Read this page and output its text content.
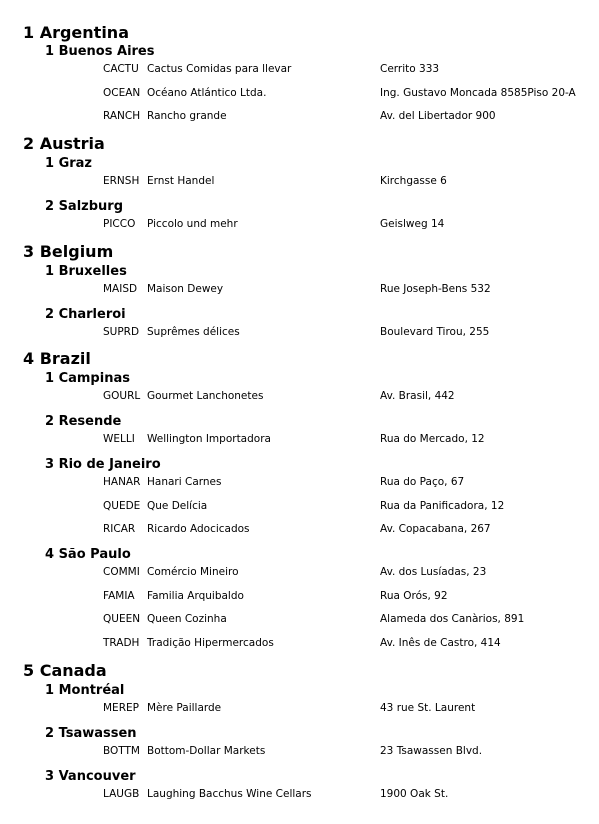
1 Argentina
1 Buenos Aires
CACTU Cactus Comidas para llevar	Cerrito 333
OCEAN Océano Atlántico Ltda.	Ing. Gustavo Moncada 8585Piso 20-A
RANCH Rancho grande	Av. del Libertador 900
2 Austria
1 Graz
ERNSH Ernst Handel	Kirchgasse 6
2 Salzburg
PICCO Piccolo und mehr	Geislweg 14
3 Belgium
1 Bruxelles
MAISD Maison Dewey	Rue Joseph-Bens 532
2 Charleroi
SUPRD Suprêmes délices	Boulevard Tirou, 255
4 Brazil
1 Campinas
GOURL Gourmet Lanchonetes	Av. Brasil, 442
2 Resende
WELLI Wellington Importadora	Rua do Mercado, 12
3 Rio de Janeiro
HANAR Hanari Carnes	Rua do Paço, 67
QUEDE Que Delícia	Rua da Panificadora, 12
RICAR Ricardo Adocicados	Av. Copacabana, 267
4 São Paulo
COMMI Comércio Mineiro	Av. dos Lusíadas, 23
FAMIA Familia Arquibaldo	Rua Orós, 92
QUEEN Queen Cozinha	Alameda dos Canàrios, 891
TRADH Tradição Hipermercados	Av. Inês de Castro, 414
5 Canada
1 Montréal
MEREP Mère Paillarde	43 rue St. Laurent
2 Tsawassen
BOTTM Bottom-Dollar Markets	23 Tsawassen Blvd.
3 Vancouver
LAUGB Laughing Bacchus Wine Cellars	1900 Oak St.
